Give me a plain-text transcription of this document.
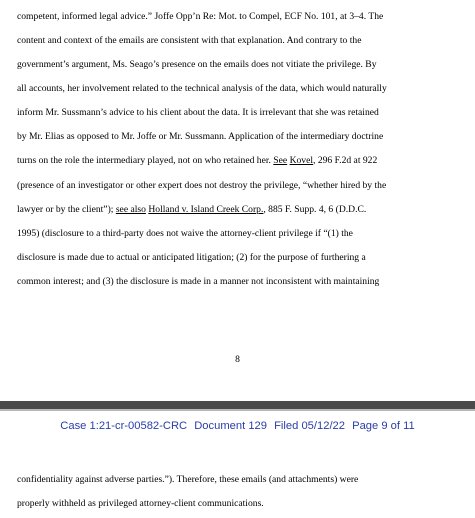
competent, informed legal advice.” Joffe Opp’n Re: Mot. to Compel, ECF No. 101, at 3–4. The
content and context of the emails are consistent with that explanation. And contrary to the
government’s argument, Ms. Seago’s presence on the emails does not vitiate the privilege. By
all accounts, her involvement related to the technical analysis of the data, which would naturally
inform Mr. Sussmann’s advice to his client about the data. It is irrelevant that she was retained
by Mr. Elias as opposed to Mr. Joffe or Mr. Sussmann. Application of the intermediary doctrine
turns on the role the intermediary played, not on who retained her. See Kovel, 296 F.2d at 922
(presence of an investigator or other expert does not destroy the privilege, “whether hired by the
lawyer or by the client”); see also Holland v. Island Creek Corp., 885 F. Supp. 4, 6 (D.D.C.
1995) (disclosure to a third-party does not waive the attorney-client privilege if “(1) the
disclosure is made due to actual or anticipated litigation; (2) for the purpose of furthering a
common interest; and (3) the disclosure is made in a manner not inconsistent with maintaining
8
Case 1:21-cr-00582-CRC Document 129 Filed 05/12/22 Page 9 of 11
confidentiality against adverse parties.”). Therefore, these emails (and attachments) were
properly withheld as privileged attorney-client communications.
